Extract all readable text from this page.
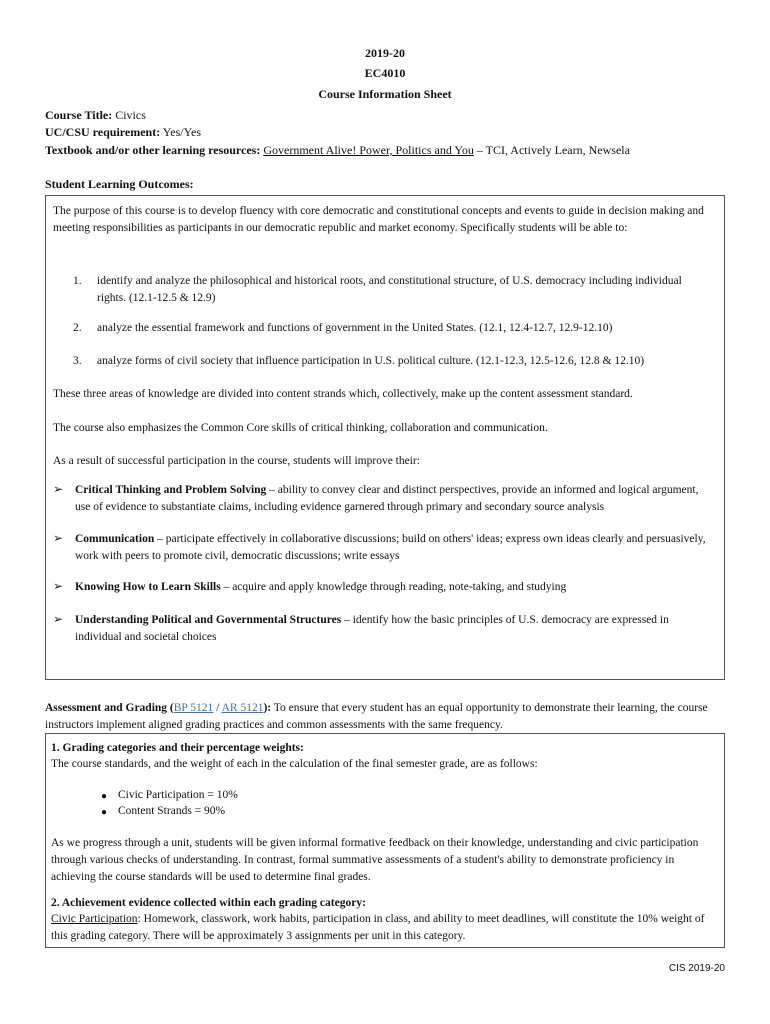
2019-20
EC4010
Course Information Sheet
Course Title: Civics
UC/CSU requirement: Yes/Yes
Textbook and/or other learning resources: Government Alive! Power, Politics and You – TCI, Actively Learn, Newsela
Student Learning Outcomes:
The purpose of this course is to develop fluency with core democratic and constitutional concepts and events to guide in decision making and meeting responsibilities as participants in our democratic republic and market economy. Specifically students will be able to:
1. identify and analyze the philosophical and historical roots, and constitutional structure, of U.S. democracy including individual rights. (12.1-12.5 & 12.9)
2. analyze the essential framework and functions of government in the United States. (12.1, 12.4-12.7, 12.9-12.10)
3. analyze forms of civil society that influence participation in U.S. political culture. (12.1-12.3, 12.5-12.6, 12.8 & 12.10)
These three areas of knowledge are divided into content strands which, collectively, make up the content assessment standard.
The course also emphasizes the Common Core skills of critical thinking, collaboration and communication.
As a result of successful participation in the course, students will improve their:
➢ Critical Thinking and Problem Solving – ability to convey clear and distinct perspectives, provide an informed and logical argument, use of evidence to substantiate claims, including evidence garnered through primary and secondary source analysis
➢ Communication – participate effectively in collaborative discussions; build on others' ideas; express own ideas clearly and persuasively, work with peers to promote civil, democratic discussions; write essays
➢ Knowing How to Learn Skills – acquire and apply knowledge through reading, note-taking, and studying
➢ Understanding Political and Governmental Structures – identify how the basic principles of U.S. democracy are expressed in individual and societal choices
Assessment and Grading (BP 5121 / AR 5121): To ensure that every student has an equal opportunity to demonstrate their learning, the course instructors implement aligned grading practices and common assessments with the same frequency.
1. Grading categories and their percentage weights:
The course standards, and the weight of each in the calculation of the final semester grade, are as follows:
● Civic Participation = 10%
● Content Strands = 90%
As we progress through a unit, students will be given informal formative feedback on their knowledge, understanding and civic participation through various checks of understanding. In contrast, formal summative assessments of a student's ability to demonstrate proficiency in achieving the course standards will be used to determine final grades.
2. Achievement evidence collected within each grading category:
Civic Participation: Homework, classwork, work habits, participation in class, and ability to meet deadlines, will constitute the 10% weight of this grading category. There will be approximately 3 assignments per unit in this category.
CIS 2019-20
